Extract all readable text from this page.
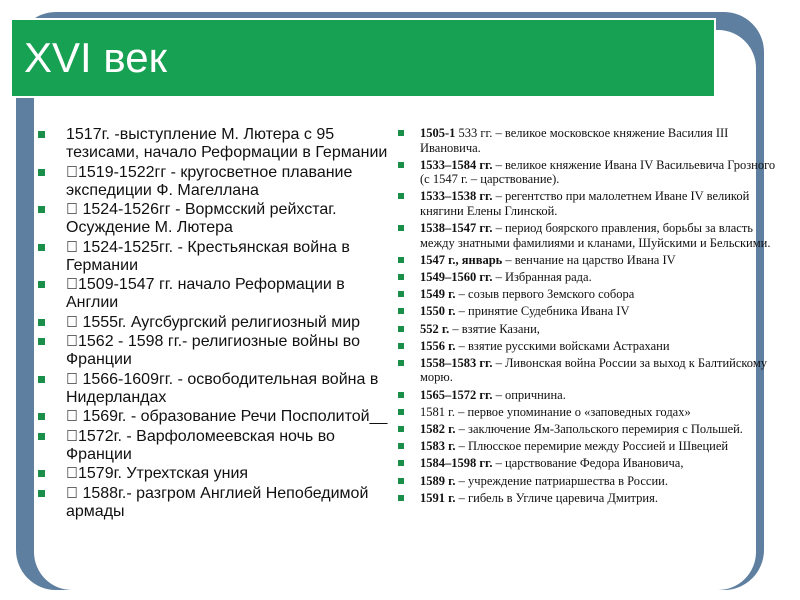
XVI век
1517г. -выступление М. Лютера с 95 тезисами, начало Реформации в Германии
1519-1522гг - кругосветное плавание экспедиции Ф. Магеллана
1524-1526гг - Вормсский рейхстаг. Осуждение М. Лютера
1524-1525гг. - Крестьянская война в Германии
1509-1547 гг. начало Реформации в Англии
1555г. Аугсбургский религиозный мир
1562 - 1598 гг.- религиозные войны во Франции
1566-1609гг. - освободительная война в Нидерландах
1569г. - образование Речи Посполитой__
1572г. - Варфоломеевская ночь во Франции
1579г. Утрехтская уния
1588г.- разгром Англией Непобедимой армады
1505-1 533 гг. – великое московское княжение Василия III Ивановича.
1533–1584 гг. – великое княжение Ивана IV Васильевича Грозного (с 1547 г. – царствование).
1533–1538 гг. – регентство при малолетнем Иване IV великой княгини Елены Глинской.
1538–1547 гг. – период боярского правления, борьбы за власть между знатными фамилиями и кланами, Шуйскими и Бельскими.
1547 г., январь – венчание на царство Ивана IV
1549–1560 гг. – Избранная рада.
1549 г. – созыв первого Земского собора
1550 г. – принятие Судебника Ивана IV
552 г. – взятие Казани,
1556 г. – взятие русскими войсками Астрахани
1558–1583 гг. – Ливонская война России за выход к Балтийскому морю.
1565–1572 гг. – опричнина.
1581 г. – первое упоминание о «заповедных годах»
1582 г. – заключение Ям-Запольского перемирия с Польшей.
1583 г. – Плюсское перемирие между Россией и Швецией
1584–1598 гг. – царствование Федора Ивановича,
1589 г. – учреждение патриаршества в России.
1591 г. – гибель в Угличе царевича Дмитрия.
